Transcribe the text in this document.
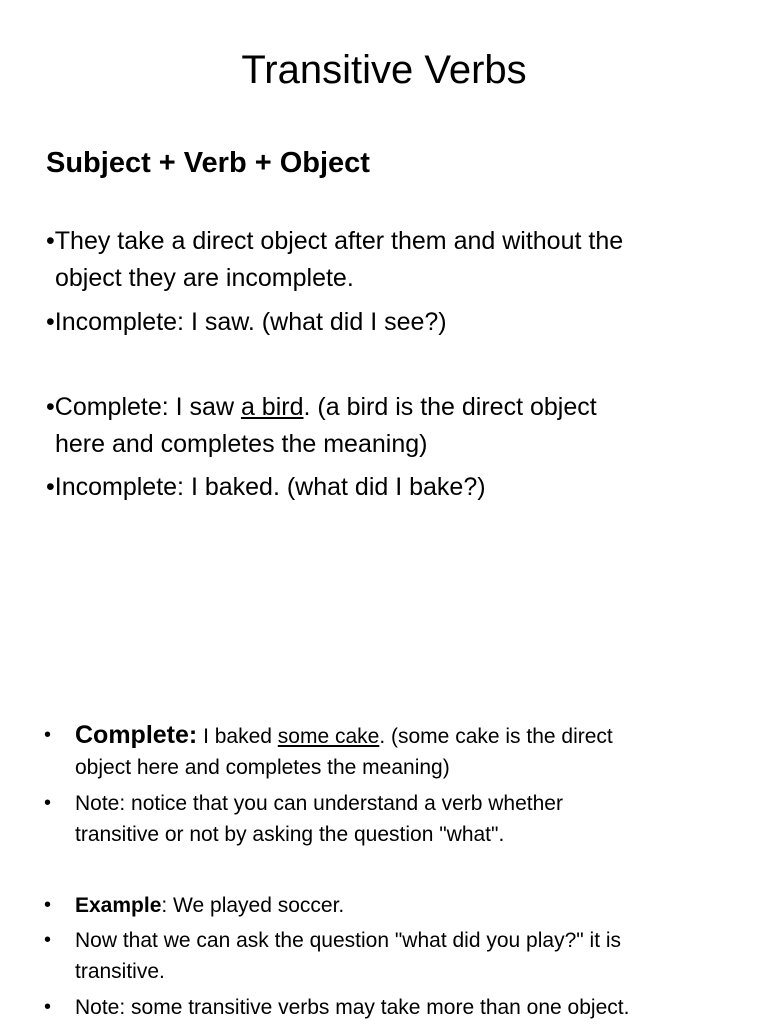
Transitive Verbs
Subject + Verb + Object
•They take a direct object after them and without the
object they are incomplete.
•Incomplete: I saw. (what did I see?)
•Complete: I saw a bird. (a bird is the direct object
here and completes the meaning)
•Incomplete: I baked. (what did I bake?)
• Complete: I baked some cake. (some cake is the direct
object here and completes the meaning)
• Note: notice that you can understand a verb whether
transitive or not by asking the question "what".
• Example: We played soccer.
• Now that we can ask the question "what did you play?" it is
transitive.
• Note: some transitive verbs may take more than one object.
